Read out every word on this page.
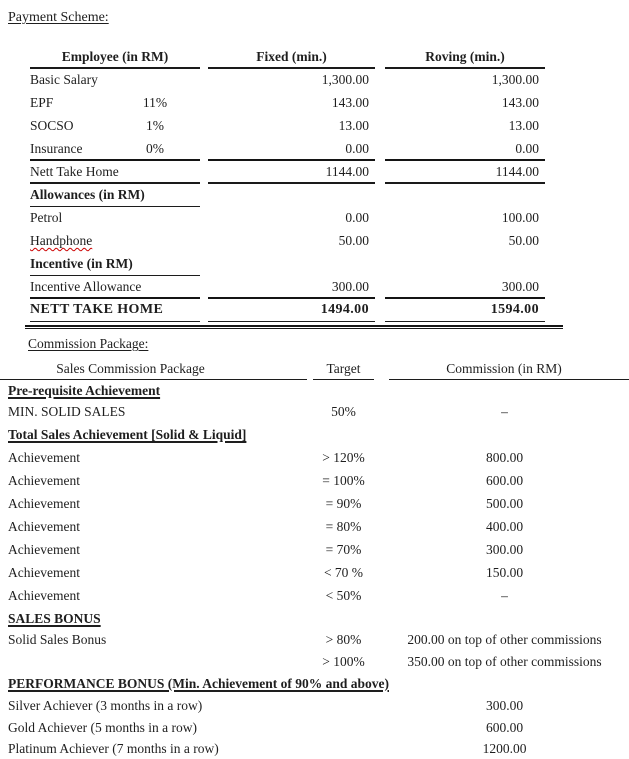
Payment Scheme:
Employee (in RM)	Fixed (min.)	Roving (min.)
Basic Salary	1,300.00	1,300.00
EPF	11%	143.00	143.00
SOCSO	1%	13.00	13.00
Insurance	0%	0.00	0.00
Nett Take Home	1144.00	1144.00
Allowances (in RM)
Petrol	0.00	100.00
Handphone	50.00	50.00
Incentive (in RM)
Incentive Allowance	300.00	300.00
NETT TAKE HOME	1494.00	1594.00
Commission Package:
Sales Commission Package	Target	Commission (in RM)
Pre-requisite Achievement
MIN. SOLID SALES	50%	–
Total Sales Achievement [Solid & Liquid]
Achievement	> 120%	800.00
Achievement	= 100%	600.00
Achievement	= 90%	500.00
Achievement	= 80%	400.00
Achievement	= 70%	300.00
Achievement	< 70 %	150.00
Achievement	< 50%	–
SALES BONUS
Solid Sales Bonus	> 80%	200.00 on top of other commissions
> 100%	350.00 on top of other commissions
PERFORMANCE BONUS (Min. Achievement of 90% and above)
Silver Achiever (3 months in a row)	300.00
Gold Achiever (5 months in a row)	600.00
Platinum Achiever (7 months in a row)	1200.00
